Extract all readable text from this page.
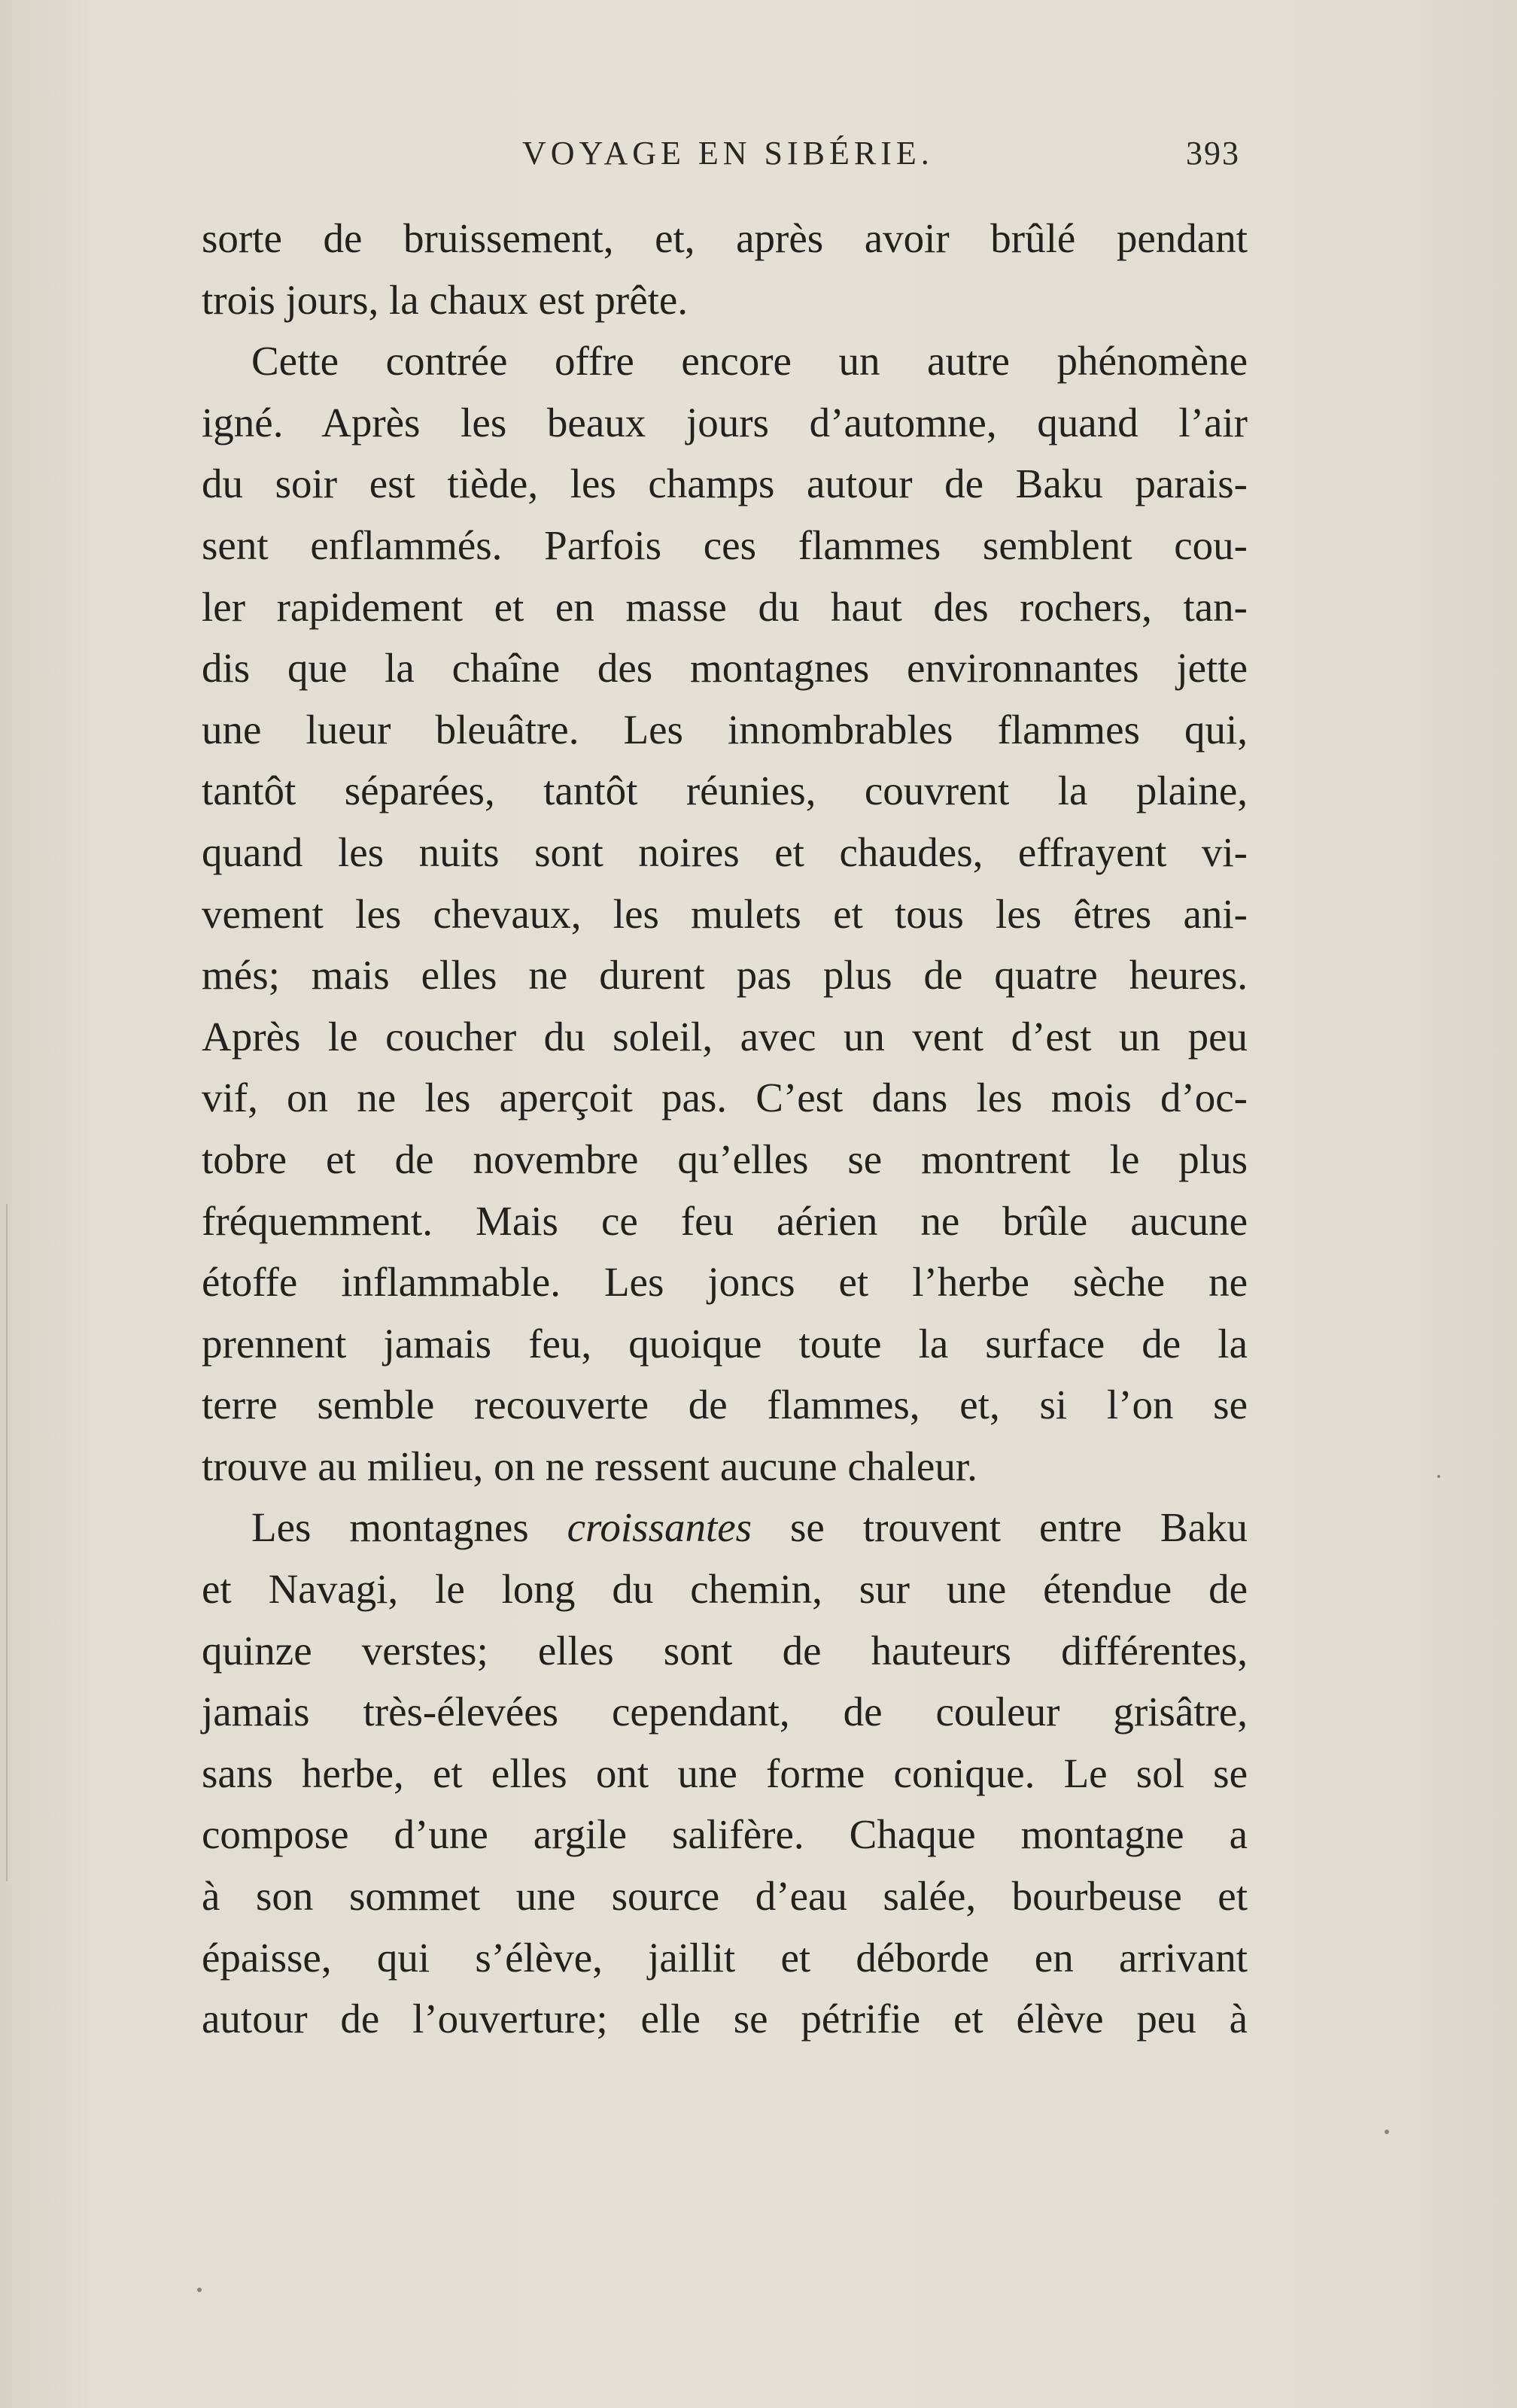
VOYAGE EN SIBÉRIE.	393
sorte de bruissement, et, après avoir brûlé pendant
trois jours, la chaux est prête.
Cette contrée offre encore un autre phénomène
igné. Après les beaux jours d’automne, quand l’air
du soir est tiède, les champs autour de Baku parais-
sent enflammés. Parfois ces flammes semblent cou-
ler rapidement et en masse du haut des rochers, tan-
dis que la chaîne des montagnes environnantes jette
une lueur bleuâtre. Les innombrables flammes qui,
tantôt séparées, tantôt réunies, couvrent la plaine,
quand les nuits sont noires et chaudes, effrayent vi-
vement les chevaux, les mulets et tous les êtres ani-
més; mais elles ne durent pas plus de quatre heures.
Après le coucher du soleil, avec un vent d’est un peu
vif, on ne les aperçoit pas. C’est dans les mois d’oc-
tobre et de novembre qu’elles se montrent le plus
fréquemment. Mais ce feu aérien ne brûle aucune
étoffe inflammable. Les joncs et l’herbe sèche ne
prennent jamais feu, quoique toute la surface de la
terre semble recouverte de flammes, et, si l’on se
trouve au milieu, on ne ressent aucune chaleur.
Les montagnes croissantes se trouvent entre Baku
et Navagi, le long du chemin, sur une étendue de
quinze verstes; elles sont de hauteurs différentes,
jamais très-élevées cependant, de couleur grisâtre,
sans herbe, et elles ont une forme conique. Le sol se
compose d’une argile salifère. Chaque montagne a
à son sommet une source d’eau salée, bourbeuse et
épaisse, qui s’élève, jaillit et déborde en arrivant
autour de l’ouverture; elle se pétrifie et élève peu à
